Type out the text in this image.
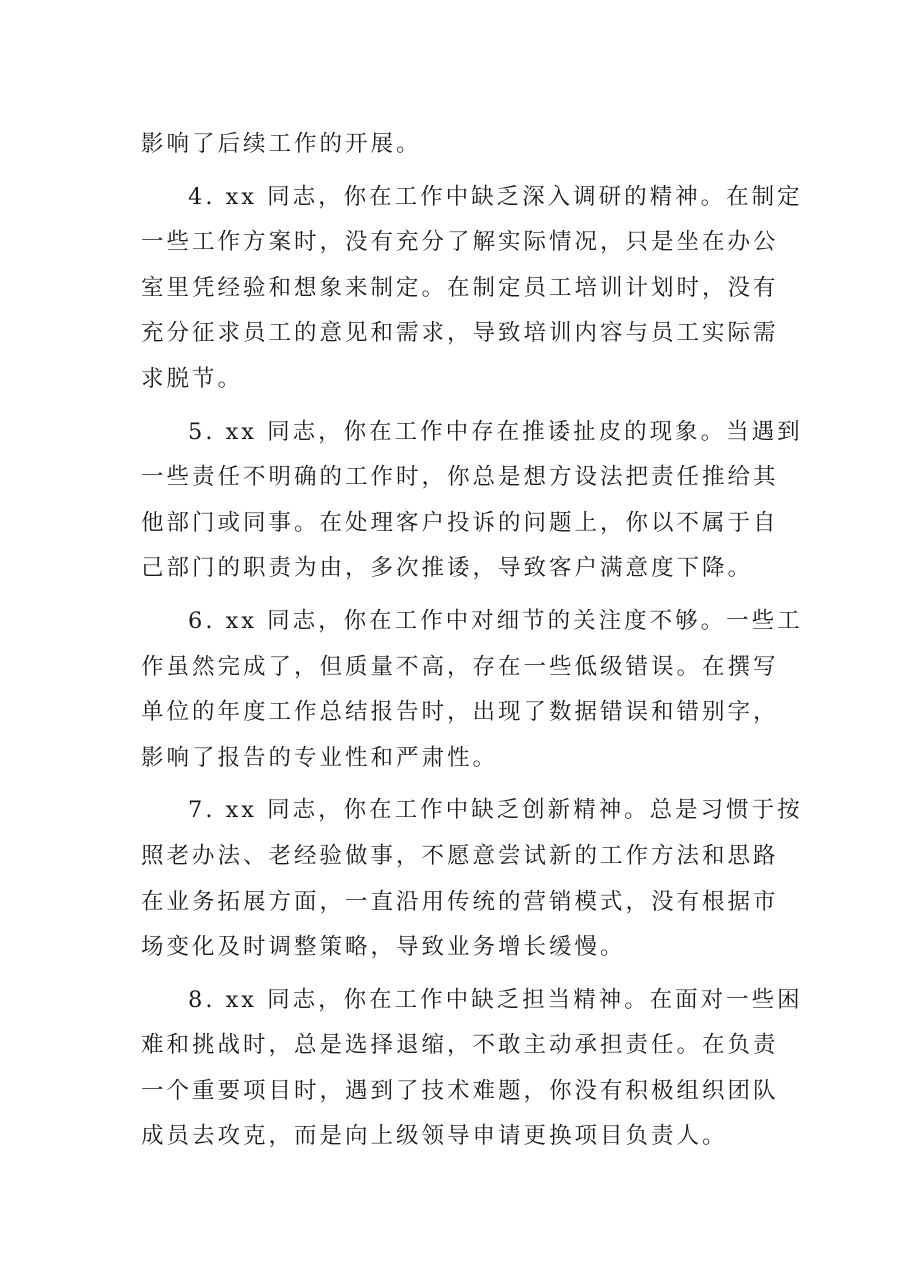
影响了后续工作的开展。

4. xx 同志，你在工作中缺乏深入调研的精神。在制定
一些工作方案时，没有充分了解实际情况，只是坐在办公
室里凭经验和想象来制定。在制定员工培训计划时，没有
充分征求员工的意见和需求，导致培训内容与员工实际需
求脱节。

5. xx 同志，你在工作中存在推诿扯皮的现象。当遇到
一些责任不明确的工作时，你总是想方设法把责任推给其
他部门或同事。在处理客户投诉的问题上，你以不属于自
己部门的职责为由，多次推诿，导致客户满意度下降。

6. xx 同志，你在工作中对细节的关注度不够。一些工
作虽然完成了，但质量不高，存在一些低级错误。在撰写
单位的年度工作总结报告时，出现了数据错误和错别字，
影响了报告的专业性和严肃性。

7. xx 同志，你在工作中缺乏创新精神。总是习惯于按
照老办法、老经验做事，不愿意尝试新的工作方法和思路
在业务拓展方面，一直沿用传统的营销模式，没有根据市
场变化及时调整策略，导致业务增长缓慢。

8. xx 同志，你在工作中缺乏担当精神。在面对一些困
难和挑战时，总是选择退缩，不敢主动承担责任。在负责
一个重要项目时，遇到了技术难题，你没有积极组织团队
成员去攻克，而是向上级领导申请更换项目负责人。
